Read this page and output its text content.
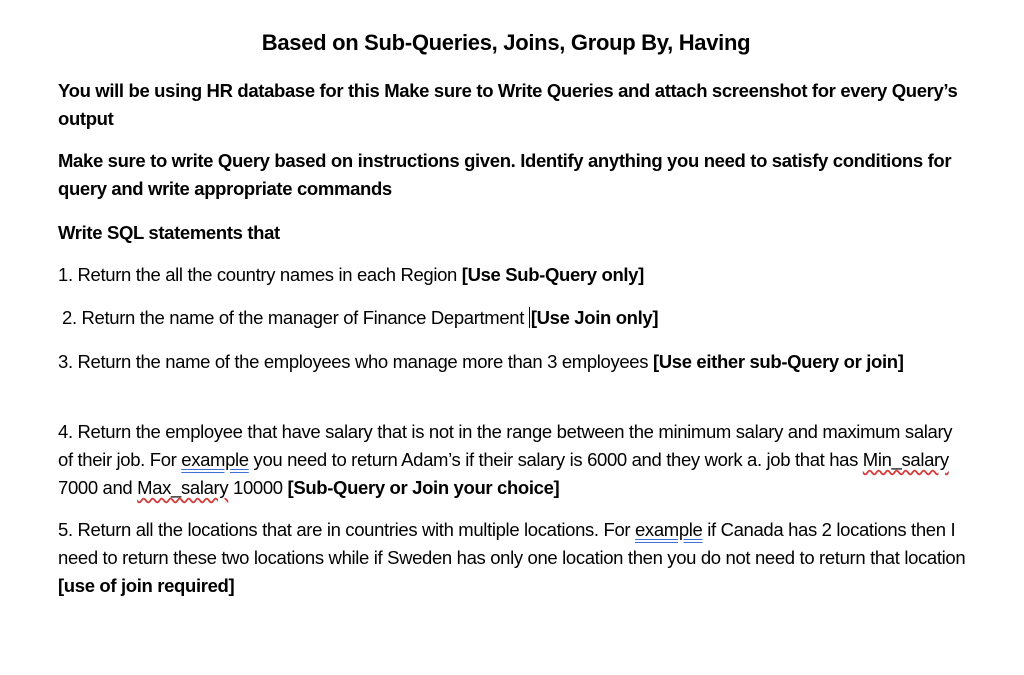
Based on Sub-Queries, Joins, Group By, Having
You will be using HR database for this Make sure to Write Queries and attach screenshot for every Query’s output
Make sure to write Query based on instructions given. Identify anything you need to satisfy conditions for query and write appropriate commands
Write SQL statements that
1. Return the all the country names in each Region [Use Sub-Query only]
2. Return the name of the manager of Finance Department [Use Join only]
3. Return the name of the employees who manage more than 3 employees [Use either sub-Query or join]
4. Return the employee that have salary that is not in the range between the minimum salary and maximum salary of their job. For example you need to return Adam’s if their salary is 6000 and they work a. job that has Min_salary 7000 and Max_salary 10000 [Sub-Query or Join your choice]
5. Return all the locations that are in countries with multiple locations. For example if Canada has 2 locations then I need to return these two locations while if Sweden has only one location then you do not need to return that location [use of join required]
